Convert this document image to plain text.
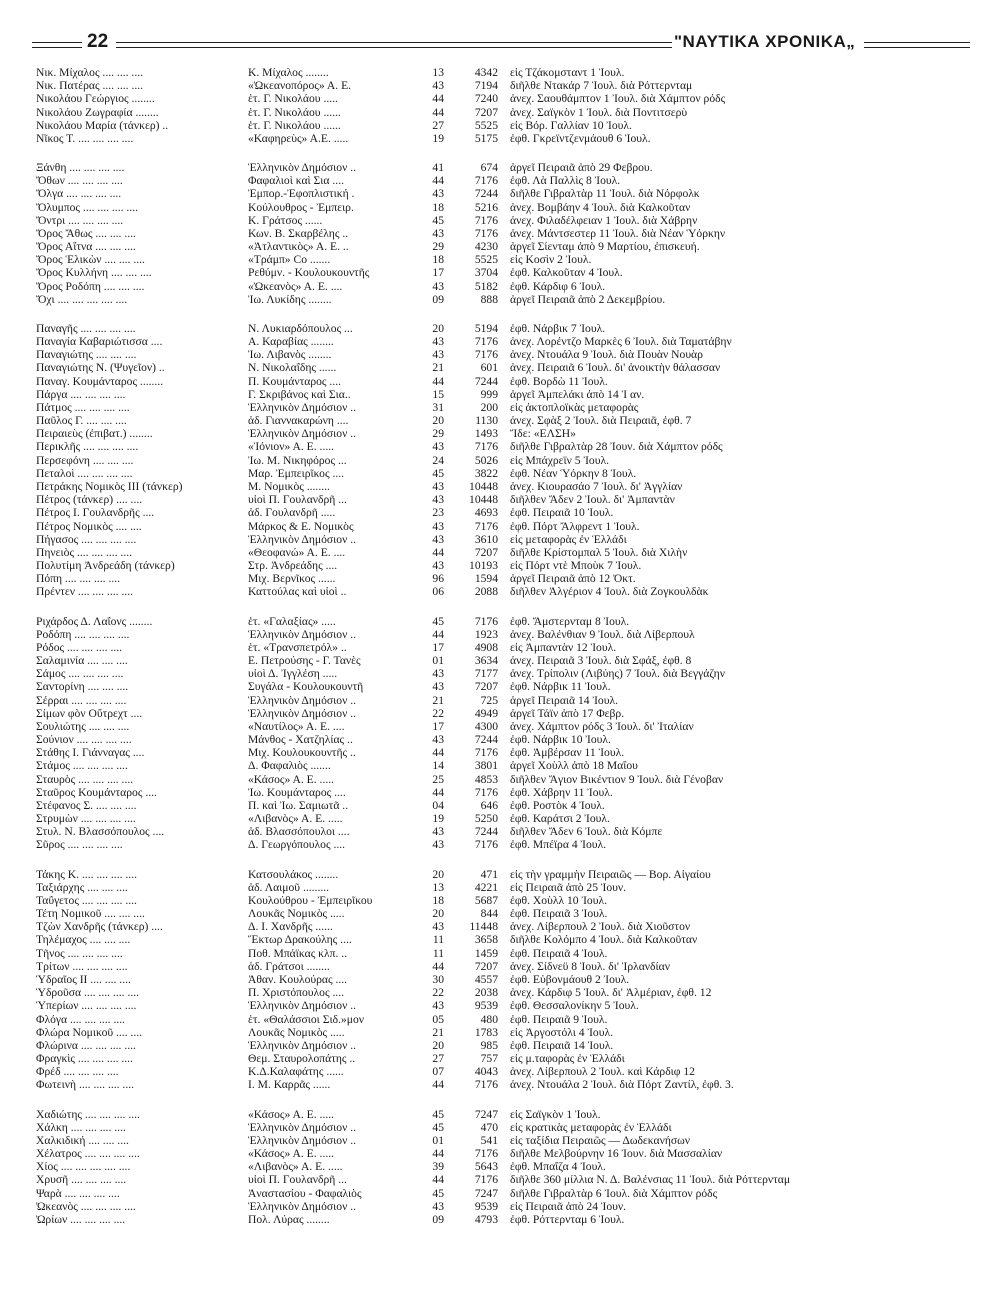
22	"ΝΑΥΤΙΚΑ ΧΡΟΝΙΚΑ„
Νικ. Μίχαλος .... .... ....	Κ. Μίχαλος ........	13	4342 εἰς Τζάκομσταντ 1 Ἰουλ.
Νικ. Πατέρας .... .... ....	«Ὠκεανοπόρος» Α. Ε.	43	7194 διῆλθε Ντακάρ 7 Ἰουλ. διὰ Ρόττερνταμ
Νικολάου Γεώργιος ........	ἑτ. Γ. Νικολάου .....	44	7240 ἀνεχ. Σαουθάμπτον 1 Ἰουλ. διὰ Χάμπτον ρόδς
Νικολάου Ζωγραφία ........	ἑτ. Γ. Νικολάου ......	44	7207 ἀνεχ. Σαϊγκὸν 1 Ἰουλ. διὰ Ποντιτσερὺ
Νικολάου Μαρία (τάνκερ) ..	ἑτ. Γ. Νικολάου ......	27	5525 εἰς Βόρ. Γαλλίαν 10 Ἰουλ.
Νῖκος Τ. .... .... .... ....	«Καφηρεὺς» Α.Ε. .....	19	5175 ἐφθ. Γκρεϊντζενμάουθ 6 Ἰουλ.
Ξάνθη .... .... .... ....	Ἑλληνικὸν Δημόσιον ..	41	674 ἀργεῖ Πειραιᾶ ἀπὸ 29 Φεβρου.
Ὄθων .... .... .... ....	Φαφαλιοὶ καὶ Σια ....	44	7176 ἐφθ. Λὰ Παλλὶς 8 Ἰουλ.
Ὄλγα .... .... .... ....	Ἐμπορ.-Ἐφοπλιστική .	43	7244 διῆλθε Γιβραλτὰρ 11 Ἰουλ. διὰ Νόρφολκ
Ὄλυμπος .... .... .... ....	Κούλουθρος - Ἐμπειρ.	18	5216 ἀνεχ. Βομβάην 4 Ἰουλ. διὰ Καλκοῦταν
Ὄντρι .... .... .... ....	Κ. Γράτσος ......	45	7176 ἀνεχ. Φιλαδέλφειαν 1 Ἰουλ. διὰ Χάβρην
Ὄρος Ἄθως .... .... ....	Κων. Β. Σκαρβέλης ..	43	7176 ἀνεχ. Μάντσεστερ 11 Ἰουλ. διὰ Νέαν Ὑόρκην
Ὄρος Αἴτνα .... .... ....	«Ἀτλαντικὸς» Α. Ε. ..	29	4230 ἀργεῖ Σίενταμ ἀπὸ 9 Μαρτίου, ἐπισκευή.
Ὄρος Ἑλικὼν .... .... ....	«Τράμπ» Co .......	18	5525 εἰς Κοσὶν 2 Ἰουλ.
Ὄρος Κυλλήνη .... .... ....	Ρεθύμν. - Κουλουκουντῆς	17	3704 ἐφθ. Καλκοῦταν 4 Ἰουλ.
Ὄρος Ροδόπη .... .... ....	«Ὠκεανὸς» Α. Ε. ....	43	5182 ἐφθ. Κάρδιφ 6 Ἰουλ.
Ὄχι .... .... .... .... ....	Ἰω. Λυκίδης ........	09	888 ἀργεῖ Πειραιᾶ ἀπὸ 2 Δεκεμβρίου.
Παναγῆς .... .... .... ....	Ν. Λυκιαρδόπουλος ...	20	5194 ἐφθ. Νάρβικ 7 Ἰουλ.
Παναγία Καβαριώτισσα ....	Α. Καραβίας ........	43	7176 ἀνεχ. Λορέντζο Μαρκὲς 6 Ἰουλ. διὰ Ταματάβην
Παναγιώτης .... .... ....	Ἰω. Λιβανὸς ........	43	7176 ἀνεχ. Ντουάλα 9 Ἰουλ. διὰ Πουὰν Νουὰρ
Παναγιώτης Ν. (Ψυγεῖον) ..	Ν. Νικολαΐδης ......	21	601 ἀνεχ. Πειραιᾶ 6 Ἰουλ. δι' ἀνοικτὴν θάλασσαν
Παναγ. Κουμάνταρος ........	Π. Κουμάνταρος ....	44	7244 ἐφθ. Βορδὼ 11 Ἰουλ.
Πάργα .... .... .... ....	Γ. Σκριβάνος καὶ Σια..	15	999 ἀργεῖ Ἀμπελάκι ἀπὸ 14 Ἰ αν.
Πάτμος .... .... .... ....	Ἑλληνικὸν Δημόσιον ..	31	200 εἰς ἀκτοπλοϊκὰς μεταφορὰς
Παῦλος Γ. .... .... ....	ἀδ. Γιαννακαρώνη ....	20	1130 ἀνεχ. Σφὰξ 2 Ἰουλ. διὰ Πειραιᾶ, ἐφθ. 7
Πειραιεὺς (ἐπιβατ.) ........	Ἑλληνικὸν Δημόσιον ..	29	1493 Ἴδε: «ΕΛΣΗ»
Περικλῆς .... .... .... ....	«Ἰόνιον» Α. Ε. .....	43	7176 διῆλθε Γιβραλτὰρ 28 Ἰουν. διὰ Χάμπτον ρόδς
Περσεφόνη .... .... ....	Ἰω. Μ. Νικηφόρος ...	24	5026 εἰς Μπάχρεϊν 5 Ἰουλ.
Πεταλοὶ .... .... .... ....	Μαρ. Ἐμπειρῖκος ....	45	3822 ἐφθ. Νέαν Ὑόρκην 8 Ἰουλ.
Πετράκης Νομικὸς ΙΙΙ (τάνκερ)	Μ. Νομικὸς ........	43	10448 ἀνεχ. Κιουρασάο 7 Ἰουλ. δι' Ἀγγλίαν
Πέτρος (τάνκερ) .... ....	υἱοὶ Π. Γουλανδρῆ ...	43	10448 διῆλθεν Ἄδεν 2 Ἰουλ. δι' Ἀμπαντὰν
Πέτρος Ι. Γουλανδρῆς ....	ἀδ. Γουλανδρῆ .....	23	4693 ἐφθ. Πειραιᾶ 10 Ἰουλ.
Πέτρος Νομικὸς .... ....	Μάρκος & Ε. Νομικὸς	43	7176 ἐφθ. Πόρτ Ἄλφρεντ 1 Ἰουλ.
Πήγασος .... .... .... ....	Ἑλληνικὸν Δημόσιον ..	43	3610 εἰς μεταφορὰς ἐν Ἑλλάδι
Πηνειὸς .... .... .... ....	«Θεοφανώ» Α. Ε. ....	44	7207 διῆλθε Κρίστομπαλ 5 Ἰουλ. διὰ Χιλὴν
Πολυτίμη Ἀνδρεάδη (τάνκερ)	Στρ. Ἀνδρεάδης ....	43	10193 εἰς Πόρτ ντὲ Μποὺκ 7 Ἰουλ.
Πόπη .... .... .... ....	Μιχ. Βερνῖκος ......	96	1594 ἀργεῖ Πειραιᾶ ἀπὸ 12 Ὀκτ.
Πρέντεν .... .... .... ....	Καττούλας καὶ υἱοὶ ..	06	2088 διῆλθεν Ἀλγέριον 4 Ἰουλ. διὰ Ζογκουλδὰκ
Ριχάρδος Δ. Λαΐονς ........	ἑτ. «Γαλαξίας» .....	45	7176 ἐφθ. Ἄμστερνταμ 8 Ἰουλ.
Ροδόπη .... .... .... ....	Ἑλληνικὸν Δημόσιον ..	44	1923 ἀνεχ. Βαλένθιαν 9 Ἰουλ. διὰ Λίβερπουλ
Ρόδος .... .... .... ....	ἑτ. «Τρανσπετρόλ» ..	17	4908 εἰς Ἀμπαντὰν 12 Ἰουλ.
Σαλαμινία .... .... ....	Ε. Πετρούσης - Γ. Τανὲς	01	3634 ἀνεχ. Πειραιᾶ 3 Ἰουλ. διὰ Σφάξ, ἐφθ. 8
Σάμος .... .... .... ....	υἱοὶ Δ. Ἰγγλέση .....	43	7177 ἀνεχ. Τρίπολιν (Λιβύης) 7 Ἰουλ. διὰ Βεγγάζην
Σαντορίνη .... .... ....	Συγάλα - Κουλουκουντῆ	43	7207 ἐφθ. Νάρβικ 11 Ἰουλ.
Σέρραι .... .... .... ....	Ἑλληνικὸν Δημόσιον ..	21	725 ἀργεῖ Πειραιᾶ 14 Ἰουλ.
Σίμων φὸν Οὔτρεχτ ....	Ἑλληνικὸν Δημόσιον ..	22	4949 ἀργεῖ Τάϊν ἀπὸ 17 Φεβρ.
Σουλιώτης .... .... ....	«Ναυτίλος» Α. Ε. ....	17	4300 ἀνεχ. Χάμπτον ρόδς 3 Ἰουλ. δι' Ἰταλίαν
Σούνιον .... .... .... ....	Μάνθος - Χατζηλίας ..	43	7244 ἐφθ. Νάρβικ 10 Ἰουλ.
Στάθης Ι. Γιάνναγας ....	Μιχ. Κουλουκουντῆς ..	44	7176 ἐφθ. Ἀμβέρσαν 11 Ἰουλ.
Στάμος .... .... .... ....	Δ. Φαφαλιὸς .......	14	3801 ἀργεῖ Χοὺλλ ἀπὸ 18 Μαΐου
Σταυρὸς .... .... .... ....	«Κάσος» Α. Ε. .....	25	4853 διῆλθεν Ἄγιον Βικέντιον 9 Ἰουλ. διὰ Γένοβαν
Σταῦρος Κουμάνταρος ....	Ἰω. Κουμάνταρος ....	44	7176 ἐφθ. Χάβρην 11 Ἰουλ.
Στέφανος Σ. .... .... ....	Π. καὶ Ἰω. Σαμιωτᾶ ..	04	646 ἐφθ. Ροστὸκ 4 Ἰουλ.
Στρυμὼν .... .... .... ....	«Λιβανὸς» Α. Ε. .....	19	5250 ἐφθ. Καράτσι 2 Ἰουλ.
Στυλ. Ν. Βλασσόπουλος ....	ἀδ. Βλασσόπουλοι ....	43	7244 διῆλθεν Ἄδεν 6 Ἰουλ. διὰ Κόμπε
Σῦρος .... .... .... ....	Δ. Γεωργόπουλος ....	43	7176 ἐφθ. Μπέϊρα 4 Ἰουλ.
Τάκης Κ. .... .... .... ....	Κατσουλάκος ........	20	471 εἰς τὴν γραμμὴν Πειραιῶς — Βορ. Αἰγαίου
Ταξιάρχης .... .... ....	ἀδ. Λαιμοῦ .........	13	4221 εἰς Πειραιᾶ ἀπὸ 25 Ἰουν.
Ταΰγετος .... .... .... ....	Κουλούθρου - Ἐμπειρῖκου	18	5687 ἐφθ. Χοὺλλ 10 Ἰουλ.
Τέτη Νομικοῦ .... .... ....	Λουκᾶς Νομικὸς .....	20	844 ἐφθ. Πειραιᾶ 3 Ἰουλ.
Τζὼν Χανδρῆς (τάνκερ) ....	Δ. Ι. Χανδρῆς ......	43	11448 ἀνεχ. Λίβερπουλ 2 Ἰουλ. διὰ Χιοῦστον
Τηλέμαχος .... .... ....	Ἕκτωρ Δρακούλης ....	11	3658 διῆλθε Κολόμπο 4 Ἰουλ. διὰ Καλκοῦταν
Τῆνος .... .... .... ....	Ποθ. Μπάϊκας κλπ. ..	11	1459 ἐφθ. Πειραιᾶ 4 Ἰουλ.
Τρίτων .... .... .... ....	ἀδ. Γράτσοι ........	44	7207 ἀνεχ. Σίδνεϋ 8 Ἰουλ. δι' Ἰρλανδίαν
Ὑδραῖος ΙΙ .... .... ....	Ἀθαν. Κουλούρας ....	30	4557 ἐφθ. Εὐβονμάουθ 2 Ἰουλ.
Ὑδροῦσα .... .... .... ....	Π. Χριστόπουλος ....	22	2038 ἀνεχ. Κάρδιφ 5 Ἰουλ. δι' Ἀλμέριαν, ἐφθ. 12
Ὑπερίων .... .... .... ....	Ἑλληνικὸν Δημόσιον ..	43	9539 ἐφθ. Θεσσαλονίκην 5 Ἰουλ.
Φλόγα .... .... .... ....	ἑτ. «Θαλάσσιοι Σιδ.»μον	05	480 ἐφθ. Πειραιᾶ 9 Ἰουλ.
Φλώρα Νομικοῦ .... ....	Λουκᾶς Νομικὸς .....	21	1783 εἰς Ἀργοστόλι 4 Ἰουλ.
Φλώρινα .... .... .... ....	Ἑλληνικὸν Δημόσιον ..	20	985 ἐφθ. Πειραιᾶ 14 Ἰουλ.
Φραγκὶς .... .... .... ....	Θεμ. Σταυρολοπάτης ..	27	757 εἰς μ.ταφορὰς ἐν Ἑλλάδι
Φρέδ .... .... .... ....	Κ.Δ.Καλαφάτης ......	07	4043 ἀνεχ. Λίβερπουλ 2 Ἰουλ. καὶ Κάρδιφ 12
Φωτεινὴ .... .... .... ....	Ι. Μ. Καρρᾶς ......	44	7176 ἀνεχ. Ντουάλα 2 Ἰουλ. διὰ Πόρτ Ζαντίλ, ἐφθ. 3.
Χαδιώτης .... .... .... ....	«Κάσος» Α. Ε. .....	45	7247 εἰς Σαϊγκὸν 1 Ἰουλ.
Χάλκη .... .... .... ....	Ἑλληνικὸν Δημόσιον ..	45	470 εἰς κρατικὰς μεταφορὰς ἐν Ἑλλάδι
Χαλκιδική .... .... ....	Ἑλληνικὸν Δημόσιον ..	01	541 εἰς ταξίδια Πειραιῶς — Δωδεκανήσων
Χέλατρος .... .... .... ....	«Κάσος» Α. Ε. .....	44	7176 διῆλθε Μελβούρνην 16 Ἰουν. διὰ Μασσαλίαν
Χίος .... .... .... .... ....	«Λιβανὸς» Α. Ε. .....	39	5643 ἐφθ. Μπαΐζα 4 Ἰουλ.
Χρυσῆ .... .... .... ....	υἱοὶ Π. Γουλανδρῆ ...	44	7176 διῆλθε 360 μίλλια Ν. Δ. Βαλένσιας 11 Ἰουλ. διὰ Ρόττερνταμ
Ψαρὰ .... .... .... ....	Ἀναστασίου - Φαφαλιὸς	45	7247 διῆλθε Γιβραλτὰρ 6 Ἰουλ. διὰ Χάμπτον ρόδς
Ὠκεανὸς .... .... .... ....	Ἑλληνικὸν Δημόσιον ..	43	9539 εἰς Πειραιᾶ ἀπὸ 24 Ἰουν.
Ὠρίων .... .... .... ....	Πολ. Λύρας ........	09	4793 ἐφθ. Ρόττερνταμ 6 Ἰουλ.
